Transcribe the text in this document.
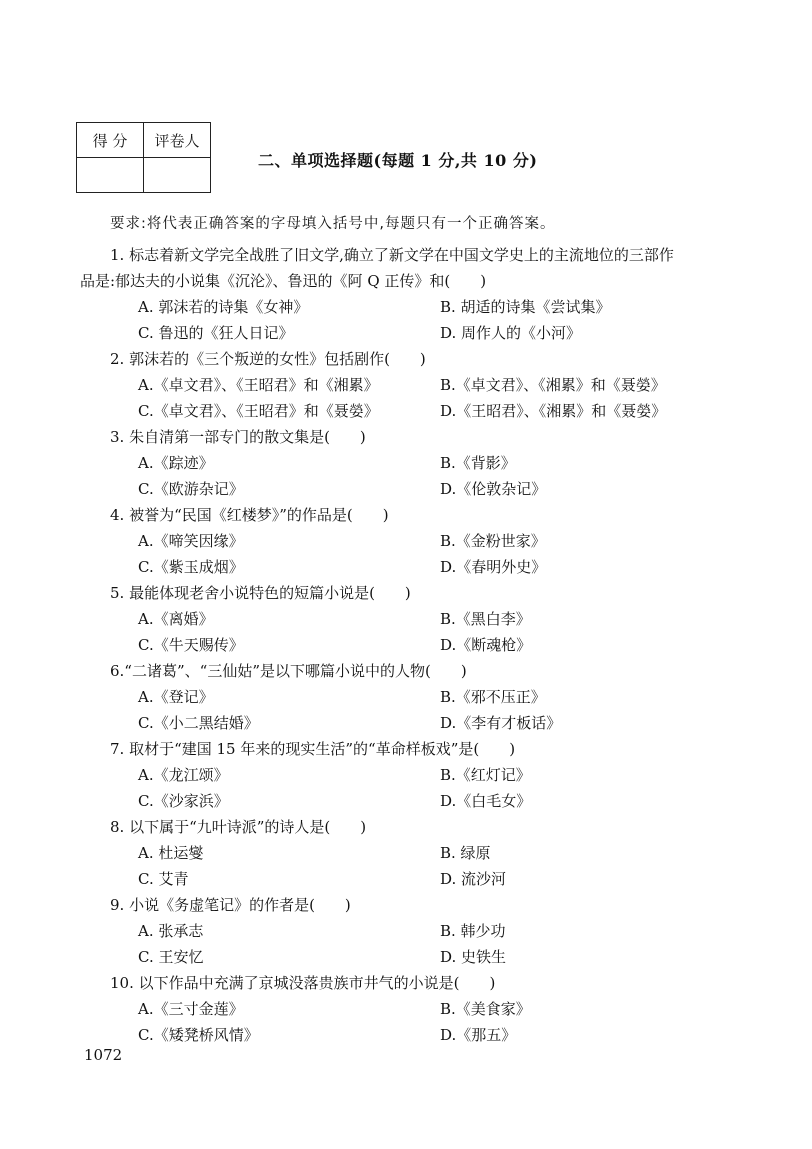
得 分	评卷人

二、单项选择题(每题 1 分,共 10 分)
要求:将代表正确答案的字母填入括号中,每题只有一个正确答案。
1. 标志着新文学完全战胜了旧文学,确立了新文学在中国文学史上的主流地位的三部作
品是:郁达夫的小说集《沉沦》、鲁迅的《阿 Q 正传》和(　　)
A. 郭沫若的诗集《女神》	B. 胡适的诗集《尝试集》
C. 鲁迅的《狂人日记》	D. 周作人的《小河》
2. 郭沫若的《三个叛逆的女性》包括剧作(　　)
A.《卓文君》、《王昭君》和《湘累》	B.《卓文君》、《湘累》和《聂嫈》
C.《卓文君》、《王昭君》和《聂嫈》	D.《王昭君》、《湘累》和《聂嫈》
3. 朱自清第一部专门的散文集是(　　)
A.《踪迹》	B.《背影》
C.《欧游杂记》	D.《伦敦杂记》
4. 被誉为“民国《红楼梦》”的作品是(　　)
A.《啼笑因缘》	B.《金粉世家》
C.《紫玉成烟》	D.《春明外史》
5. 最能体现老舍小说特色的短篇小说是(　　)
A.《离婚》	B.《黑白李》
C.《牛天赐传》	D.《断魂枪》
6.“二诸葛”、“三仙姑”是以下哪篇小说中的人物(　　)
A.《登记》	B.《邪不压正》
C.《小二黑结婚》	D.《李有才板话》
7. 取材于“建国 15 年来的现实生活”的“革命样板戏”是(　　)
A.《龙江颂》	B.《红灯记》
C.《沙家浜》	D.《白毛女》
8. 以下属于“九叶诗派”的诗人是(　　)
A. 杜运燮	B. 绿原
C. 艾青	D. 流沙河
9. 小说《务虚笔记》的作者是(　　)
A. 张承志	B. 韩少功
C. 王安忆	D. 史铁生
10. 以下作品中充满了京城没落贵族市井气的小说是(　　)
A.《三寸金莲》	B.《美食家》
C.《矮凳桥风情》	D.《那五》
1072
